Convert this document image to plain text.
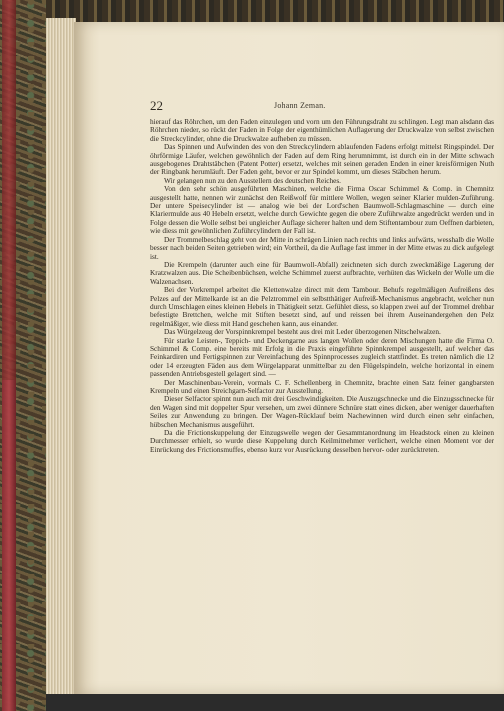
22	Johann Zeman.

hierauf das Röhrchen, um den Faden einzulegen und vorn um den Führungsdraht zu schlingen. Legt man alsdann das Röhrchen nieder, so rückt der Faden in Folge der eigenthümlichen Auflagerung der Druckwalze von selbst zwischen die Streckcylinder, ohne die Druckwalze aufheben zu müssen.

Das Spinnen und Aufwinden des von den Streckcylindern ablaufenden Fadens erfolgt mittelst Ringspindel. Der öhrförmige Läufer, welchen gewöhnlich der Faden auf dem Ring herumnimmt, ist durch ein in der Mitte schwach ausgebogenes Drahtstäbchen (Patent Potter) ersetzt, welches mit seinen geraden Enden in einer kreisförmigen Nuth der Ringbank herumläuft. Der Faden geht, bevor er zur Spindel kommt, um dieses Stäbchen herum.

Wir gelangen nun zu den Ausstellern des deutschen Reiches.

Von den sehr schön ausgeführten Maschinen, welche die Firma Oscar Schimmel & Comp. in Chemnitz ausgestellt hatte, nennen wir zunächst den Reißwolf für mittlere Wollen, wegen seiner Klarier mulden-Zuführung. Der untere Speisecylinder ist — analog wie bei der Lord'schen Baumwoll-Schlagmaschine — durch eine Klariermulde aus 40 Hebeln ersetzt, welche durch Gewichte gegen die obere Zuführwalze angedrückt werden und in Folge dessen die Wolle selbst bei ungleicher Auflage sicherer halten und dem Stiftentambour zum Oeffnen darbieten, wie diess mit gewöhnlichen Zuführcylindern der Fall ist.

Der Trommelbeschlag geht von der Mitte in schrägen Linien nach rechts und links aufwärts, wesshalb die Wolle besser nach beiden Seiten getrieben wird; ein Vortheil, da die Auflage fast immer in der Mitte etwas zu dick aufgelegt ist.

Die Krempeln (darunter auch eine für Baumwoll-Abfall) zeichneten sich durch zweckmäßige Lagerung der Kratzwalzen aus. Die Scheibenbüchsen, welche Schimmel zuerst aufbrachte, verhüten das Wickeln der Wolle um die Walzenachsen.

Bei der Vorkrempel arbeitet die Klettenwalze direct mit dem Tambour. Behufs regelmäßigen Aufreißens des Pelzes auf der Mittelkarde ist an die Pelztrommel ein selbstthätiger Aufreiß-Mechanismus angebracht, welcher nun durch Umschlagen eines kleinen Hebels in Thätigkeit setzt. Gefühlet diess, so klappen zwei auf der Trommel drehbar befestigte Brettchen, welche mit Stiften besetzt sind, auf und reissen bei ihrem Auseinandergehen den Pelz regelmäßiger, wie diess mit Hand geschehen kann, aus einander.

Das Würgelzeug der Vorspinnkrempel besteht aus drei mit Leder überzogenen Nitschelwalzen.

Für starke Leisten-, Teppich- und Deckengarne aus langen Wollen oder deren Mischungen hatte die Firma O. Schimmel & Comp. eine bereits mit Erfolg in die Praxis eingeführte Spinnkrempel ausgestellt, auf welcher das Feinkardiren und Fertigspinnen zur Vereinfachung des Spinnprocesses zugleich stattfindet. Es treten nämlich die 12 oder 14 erzeugten Fäden aus dem Würgelapparat unmittelbar zu den Flügelspindeln, welche horizontal in einem passenden Antriebsgestell gelagert sind. —

Der Maschinenbau-Verein, vormals C. F. Schellenberg in Chemnitz, brachte einen Satz feiner gangbarsten Krempeln und einen Streichgarn-Selfactor zur Ausstellung.

Dieser Selfactor spinnt nun auch mit drei Geschwindigkeiten. Die Auszugschnecke und die Einzugsschnecke für den Wagen sind mit doppelter Spur versehen, um zwei dünnere Schnüre statt eines dicken, aber weniger dauerhaften Seiles zur Anwendung zu bringen. Der Wagen-Rücklauf beim Nachewinnen wird durch einen sehr einfachen, hübschen Mechanismus ausgeführt.

Da die Frictionskuppelung der Einzugswelle wegen der Gesammtanordnung im Headstock einen zu kleinen Durchmesser erhielt, so wurde diese Kuppelung durch Keilmitnehmer verlichert, welche einen Moment vor der Einrückung des Frictionsmuffes, ebenso kurz vor Ausrückung desselben hervor- oder zurücktreten.
